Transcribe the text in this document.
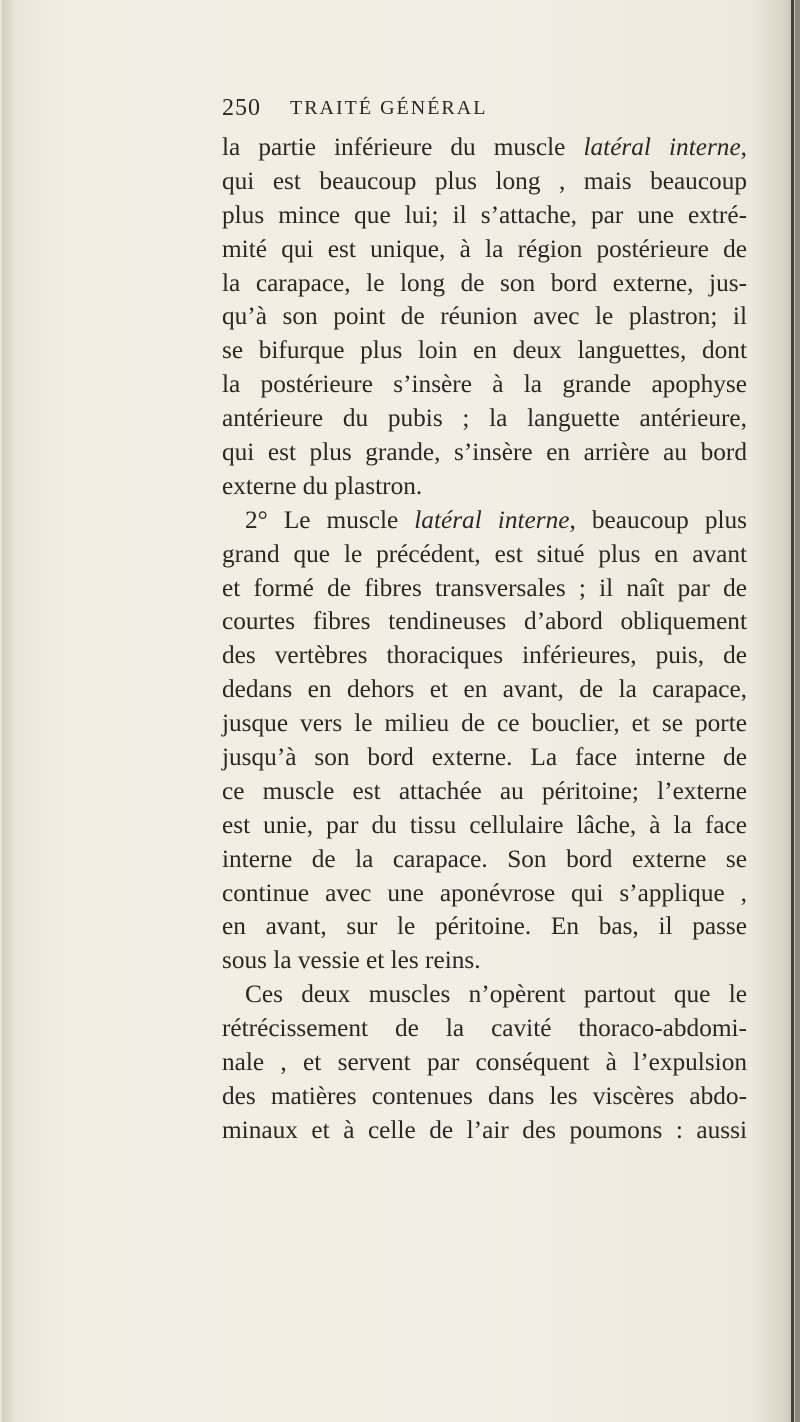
250 TRAITÉ GÉNÉRAL
la partie inférieure du muscle latéral interne,
qui est beaucoup plus long , mais beaucoup
plus mince que lui; il s’attache, par une extré-
mité qui est unique, à la région postérieure de
la carapace, le long de son bord externe, jus-
qu’à son point de réunion avec le plastron; il
se bifurque plus loin en deux languettes, dont
la postérieure s’insère à la grande apophyse
antérieure du pubis ; la languette antérieure,
qui est plus grande, s’insère en arrière au bord
externe du plastron.
2° Le muscle latéral interne, beaucoup plus
grand que le précédent, est situé plus en avant
et formé de fibres transversales ; il naît par de
courtes fibres tendineuses d’abord obliquement
des vertèbres thoraciques inférieures, puis, de
dedans en dehors et en avant, de la carapace,
jusque vers le milieu de ce bouclier, et se porte
jusqu’à son bord externe. La face interne de
ce muscle est attachée au péritoine; l’externe
est unie, par du tissu cellulaire lâche, à la face
interne de la carapace. Son bord externe se
continue avec une aponévrose qui s’applique ,
en avant, sur le péritoine. En bas, il passe
sous la vessie et les reins.
Ces deux muscles n’opèrent partout que le
rétrécissement de la cavité thoraco-abdomi-
nale , et servent par conséquent à l’expulsion
des matières contenues dans les viscères abdo-
minaux et à celle de l’air des poumons : aussi
